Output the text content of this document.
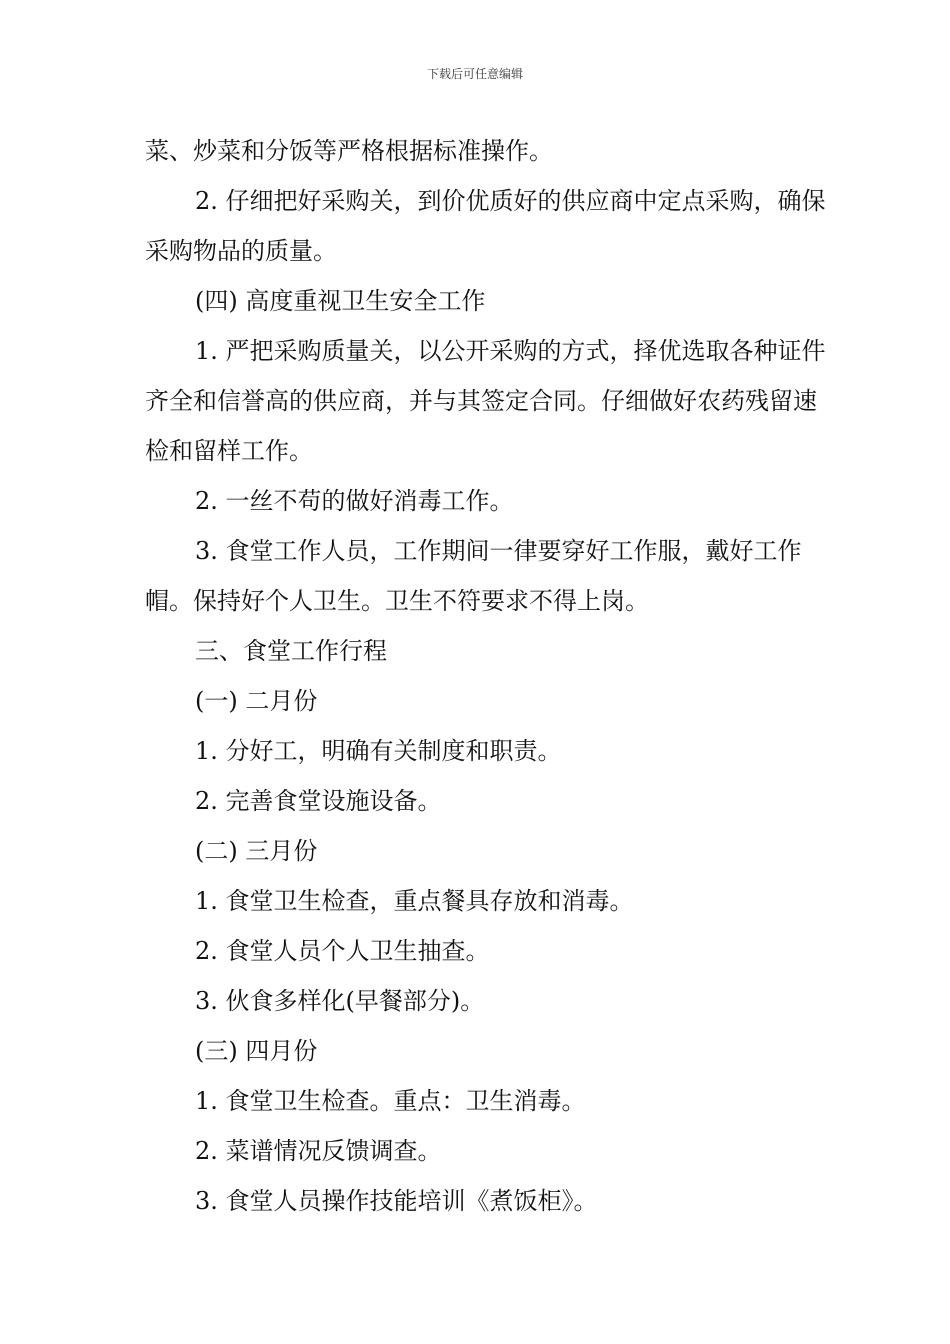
下载后可任意编辑

菜、炒菜和分饭等严格根据标准操作。

2. 仔细把好采购关，到价优质好的供应商中定点采购，确保采购物品的质量。

(四) 高度重视卫生安全工作

1. 严把采购质量关，以公开采购的方式，择优选取各种证件齐全和信誉高的供应商，并与其签定合同。仔细做好农药残留速检和留样工作。

2. 一丝不苟的做好消毒工作。

3. 食堂工作人员，工作期间一律要穿好工作服，戴好工作帽。保持好个人卫生。卫生不符要求不得上岗。

三、食堂工作行程

(一) 二月份

1. 分好工，明确有关制度和职责。

2. 完善食堂设施设备。

(二) 三月份

1. 食堂卫生检查，重点餐具存放和消毒。

2. 食堂人员个人卫生抽查。

3. 伙食多样化(早餐部分)。

(三) 四月份

1. 食堂卫生检查。重点：卫生消毒。

2. 菜谱情况反馈调查。

3. 食堂人员操作技能培训《煮饭柜》。
